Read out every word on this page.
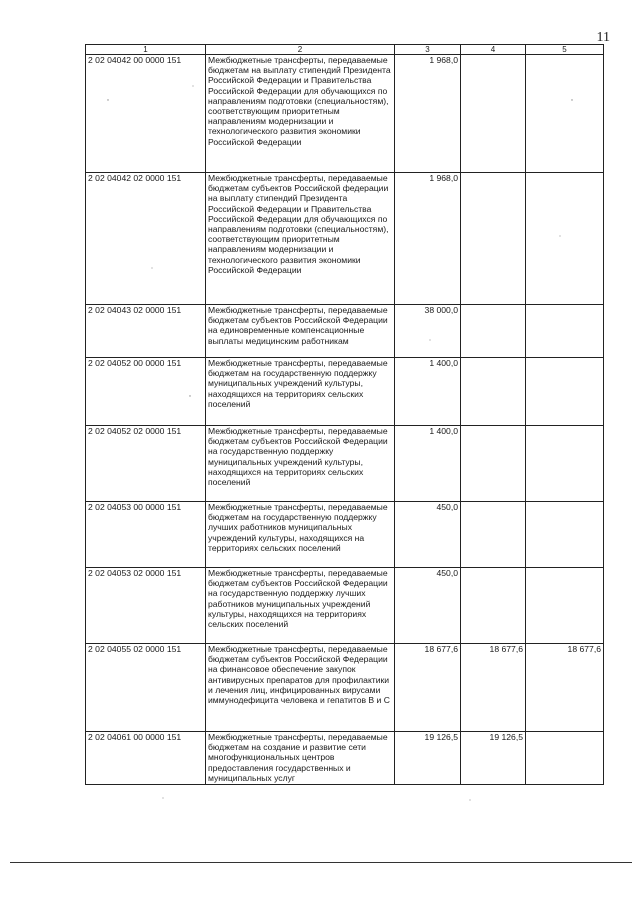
11
1	2	3	4	5
2 02 04042 00 0000 151	Межбюджетные трансферты, передаваемые бюджетам на выплату стипендий Президента Российской Федерации и Правительства Российской Федерации для обучающихся по направлениям подготовки (специальностям), соответствующим приоритетным направлениям модернизации и технологического развития экономики Российской Федерации	1 968,0		
2 02 04042 02 0000 151	Межбюджетные трансферты, передаваемые бюджетам субъектов Российской федерации на выплату стипендий Президента Российской Федерации и Правительства Российской Федерации для обучающихся по направлениям подготовки (специальностям), соответствующим приоритетным направлениям модернизации и технологического развития экономики Российской Федерации	1 968,0		
2 02 04043 02 0000 151	Межбюджетные трансферты, передаваемые бюджетам субъектов Российской Федерации на единовременные компенсационные выплаты медицинским работникам	38 000,0		
2 02 04052 00 0000 151	Межбюджетные трансферты, передаваемые бюджетам на государственную поддержку муниципальных учреждений культуры, находящихся на территориях сельских поселений	1 400,0		
2 02 04052 02 0000 151	Межбюджетные трансферты, передаваемые бюджетам субъектов Российской Федерации на государственную поддержку муниципальных учреждений культуры, находящихся на территориях сельских поселений	1 400,0		
2 02 04053 00 0000 151	Межбюджетные трансферты, передаваемые бюджетам на государственную поддержку лучших работников муниципальных учреждений культуры, находящихся на территориях сельских поселений	450,0		
2 02 04053 02 0000 151	Межбюджетные трансферты, передаваемые бюджетам субъектов Российской Федерации на государственную поддержку лучших работников муниципальных учреждений культуры, находящихся на территориях сельских поселений	450,0		
2 02 04055 02 0000 151	Межбюджетные трансферты, передаваемые бюджетам субъектов Российской Федерации на финансовое обеспечение закупок антивирусных препаратов для профилактики и лечения лиц, инфицированных вирусами иммунодефицита человека и гепатитов В и С	18 677,6	18 677,6	18 677,6
2 02 04061 00 0000 151	Межбюджетные трансферты, передаваемые бюджетам на создание и развитие сети многофункциональных центров предоставления государственных и муниципальных услуг	19 126,5	19 126,5	
